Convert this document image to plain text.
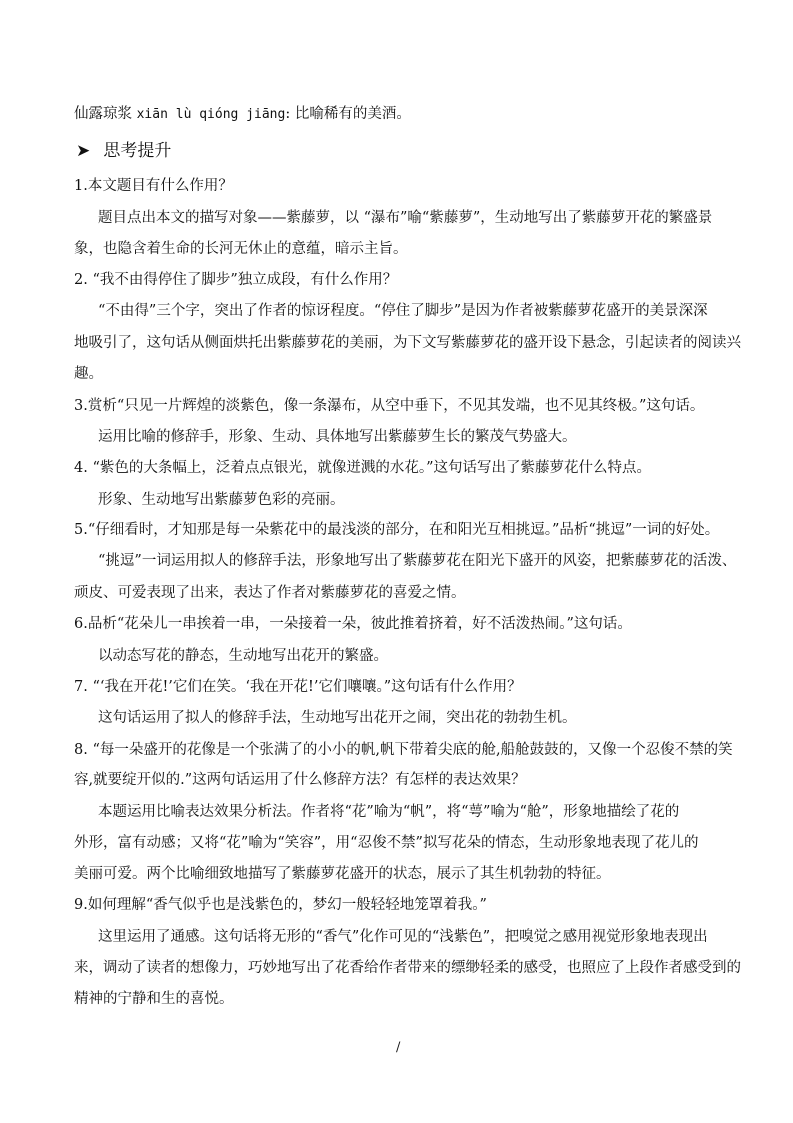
仙露琼浆 xiān lù qióng jiāng: 比喻稀有的美酒。
➤ 思考提升
1.本文题目有什么作用？
题目点出本文的描写对象——紫藤萝，以 “瀑布”喻“紫藤萝”，生动地写出了紫藤萝开花的繁盛景
象，也隐含着生命的长河无休止的意蕴，暗示主旨。
2. “我不由得停住了脚步”独立成段，有什么作用？
“不由得”三个字，突出了作者的惊讶程度。“停住了脚步”是因为作者被紫藤萝花盛开的美景深深
地吸引了，这句话从侧面烘托出紫藤萝花的美丽，为下文写紫藤萝花的盛开设下悬念，引起读者的阅读兴
趣。
3.赏析“只见一片辉煌的淡紫色，像一条瀑布，从空中垂下，不见其发端，也不见其终极。”这句话。
运用比喻的修辞手，形象、生动、具体地写出紫藤萝生长的繁茂气势盛大。
4. “紫色的大条幅上，泛着点点银光，就像迸溅的水花。”这句话写出了紫藤萝花什么特点。
形象、生动地写出紫藤萝色彩的亮丽。
5.“仔细看时，才知那是每一朵紫花中的最浅淡的部分，在和阳光互相挑逗。”品析“挑逗”一词的好处。
“挑逗”一词运用拟人的修辞手法，形象地写出了紫藤萝花在阳光下盛开的风姿，把紫藤萝花的活泼、
顽皮、可爱表现了出来，表达了作者对紫藤萝花的喜爱之情。
6.品析“花朵儿一串挨着一串，一朵接着一朵，彼此推着挤着，好不活泼热闹。”这句话。
以动态写花的静态，生动地写出花开的繁盛。
7. “‘我在开花!’它们在笑。‘我在开花!’它们嚷嚷。”这句话有什么作用？
这句话运用了拟人的修辞手法，生动地写出花开之闹，突出花的勃勃生机。
8. “每一朵盛开的花像是一个张满了的小小的帆,帆下带着尖底的舱,船舱鼓鼓的，又像一个忍俊不禁的笑
容,就要绽开似的.”这两句话运用了什么修辞方法？有怎样的表达效果？
本题运用比喻表达效果分析法。作者将“花”喻为“帆”，将“萼”喻为“舱”，形象地描绘了花的
外形，富有动感；又将“花”喻为“笑容”，用“忍俊不禁”拟写花朵的情态，生动形象地表现了花儿的
美丽可爱。两个比喻细致地描写了紫藤萝花盛开的状态，展示了其生机勃勃的特征。
9.如何理解“香气似乎也是浅紫色的，梦幻一般轻轻地笼罩着我。”
这里运用了通感。这句话将无形的“香气”化作可见的“浅紫色”，把嗅觉之感用视觉形象地表现出
来，调动了读者的想像力，巧妙地写出了花香给作者带来的缥缈轻柔的感受，也照应了上段作者感受到的
精神的宁静和生的喜悦。
/
